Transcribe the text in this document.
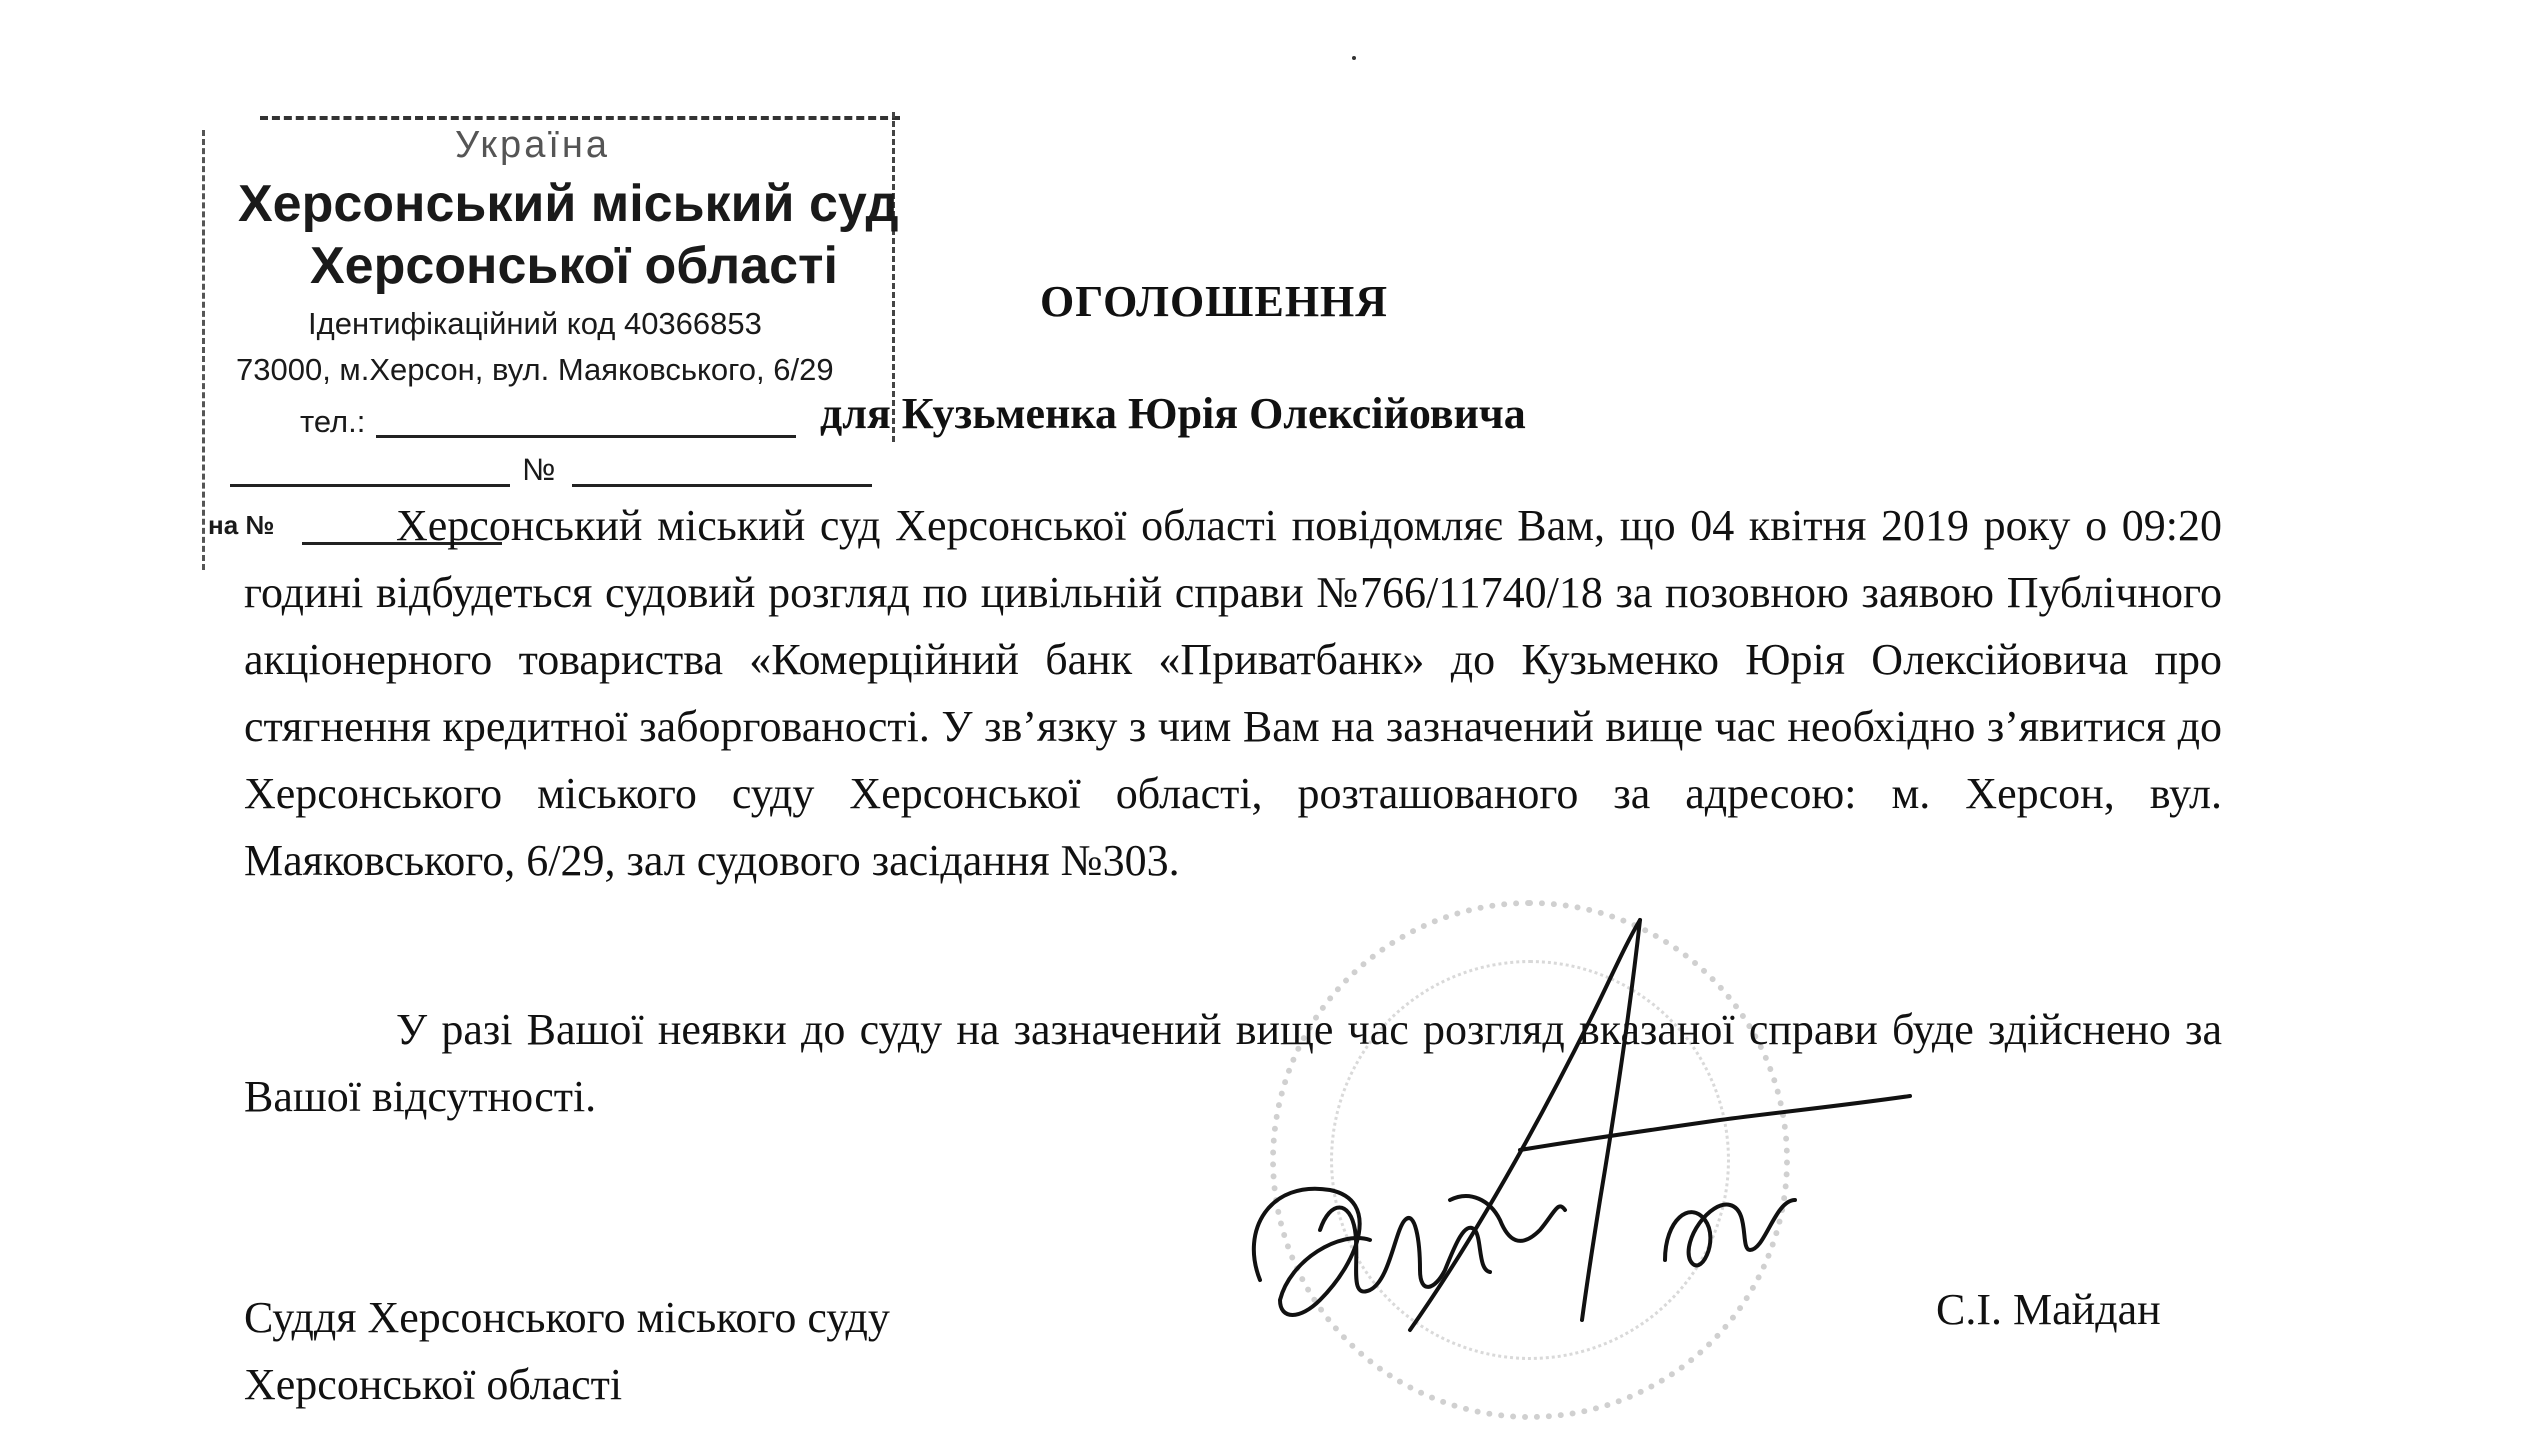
Україна
Херсонський міський суд
Херсонської області
Ідентифікаційний код 40366853
73000, м.Херсон, вул. Маяковського, 6/29
тел.:
№
на №
ОГОЛОШЕННЯ
для Кузьменка Юрія Олексійовича

Херсонський міський суд Херсонської області повідомляє Вам, що 04 квітня 2019 року о 09:20 годині відбудеться судовий розгляд по цивільній справи №766/11740/18 за позовною заявою Публічного акціонерного товариства «Комерційний банк «Приватбанк» до Кузьменко Юрія Олексійовича про стягнення кредитної заборгованості. У зв’язку з чим Вам на зазначений вище час необхідно з’явитися до Херсонського міського суду Херсонської області, розташованого за адресою: м. Херсон, вул. Маяковського, 6/29, зал судового засідання №303.

У разі Вашої неявки до суду на зазначений вище час розгляд вказаної справи буде здійснено за Вашої відсутності.

Суддя Херсонського міського суду
Херсонської області
С.І. Майдан
